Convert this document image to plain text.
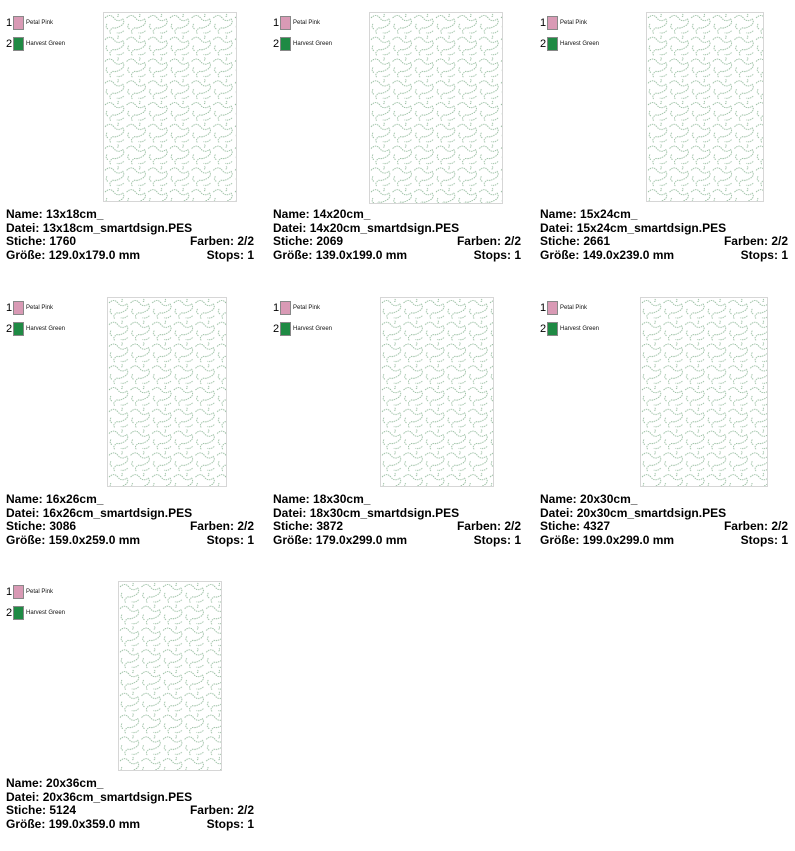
1 Petal Pink
2 Harvest Green
Name: 13x18cm_
Datei: 13x18cm_smartdsign.PES
Stiche: 1760	Farben: 2/2
Größe: 129.0x179.0 mm	Stops: 1
1 Petal Pink
2 Harvest Green
Name: 14x20cm_
Datei: 14x20cm_smartdsign.PES
Stiche: 2069	Farben: 2/2
Größe: 139.0x199.0 mm	Stops: 1
1 Petal Pink
2 Harvest Green
Name: 15x24cm_
Datei: 15x24cm_smartdsign.PES
Stiche: 2661	Farben: 2/2
Größe: 149.0x239.0 mm	Stops: 1
1 Petal Pink
2 Harvest Green
Name: 16x26cm_
Datei: 16x26cm_smartdsign.PES
Stiche: 3086	Farben: 2/2
Größe: 159.0x259.0 mm	Stops: 1
1 Petal Pink
2 Harvest Green
Name: 18x30cm_
Datei: 18x30cm_smartdsign.PES
Stiche: 3872	Farben: 2/2
Größe: 179.0x299.0 mm	Stops: 1
1 Petal Pink
2 Harvest Green
Name: 20x30cm_
Datei: 20x30cm_smartdsign.PES
Stiche: 4327	Farben: 2/2
Größe: 199.0x299.0 mm	Stops: 1
1 Petal Pink
2 Harvest Green
Name: 20x36cm_
Datei: 20x36cm_smartdsign.PES
Stiche: 5124	Farben: 2/2
Größe: 199.0x359.0 mm	Stops: 1
